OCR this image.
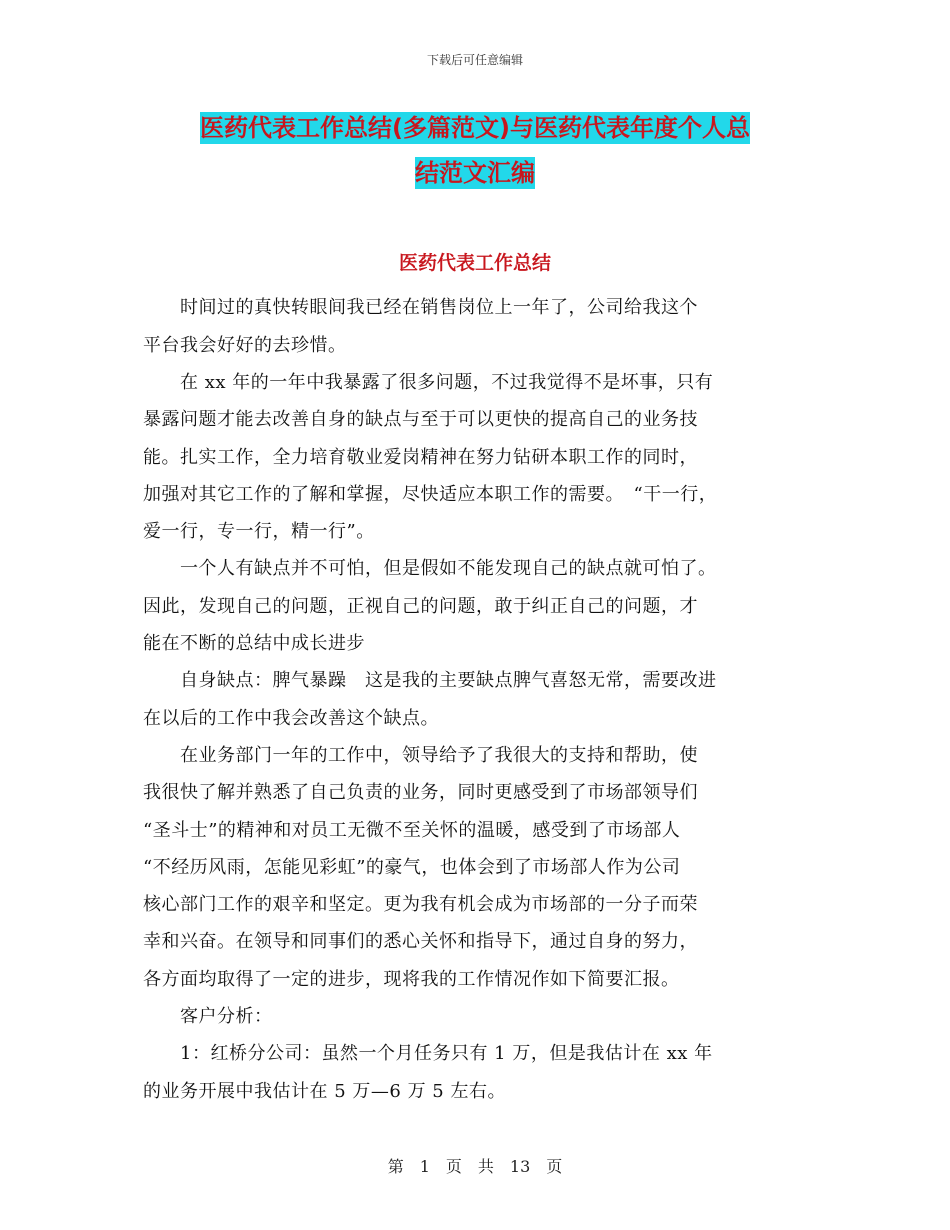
下载后可任意编辑
医药代表工作总结(多篇范文)与医药代表年度个人总
结范文汇编
医药代表工作总结
　　时间过的真快转眼间我已经在销售岗位上一年了，公司给我这个
平台我会好好的去珍惜。
　　在 xx 年的一年中我暴露了很多问题，不过我觉得不是坏事，只有
暴露问题才能去改善自身的缺点与至于可以更快的提高自己的业务技
能。扎实工作，全力培育敬业爱岗精神在努力钻研本职工作的同时，
加强对其它工作的了解和掌握，尽快适应本职工作的需要。　“干一行，
爱一行，专一行，精一行”。
　　一个人有缺点并不可怕，但是假如不能发现自己的缺点就可怕了。
因此，发现自己的问题，正视自己的问题，敢于纠正自己的问题，才
能在不断的总结中成长进步
　　自身缺点：脾气暴躁　这是我的主要缺点脾气喜怒无常，需要改进
在以后的工作中我会改善这个缺点。
　　在业务部门一年的工作中，领导给予了我很大的支持和帮助，使
我很快了解并熟悉了自己负责的业务，同时更感受到了市场部领导们
“圣斗士”的精神和对员工无微不至关怀的温暖，感受到了市场部人
“不经历风雨，怎能见彩虹”的豪气，也体会到了市场部人作为公司
核心部门工作的艰辛和坚定。更为我有机会成为市场部的一分子而荣
幸和兴奋。在领导和同事们的悉心关怀和指导下，通过自身的努力，
各方面均取得了一定的进步，现将我的工作情况作如下简要汇报。
　　客户分析：
　　1：红桥分公司：虽然一个月任务只有 1 万，但是我估计在 xx 年
的业务开展中我估计在 5 万—6 万 5 左右。
第　1　页　共　13　页
